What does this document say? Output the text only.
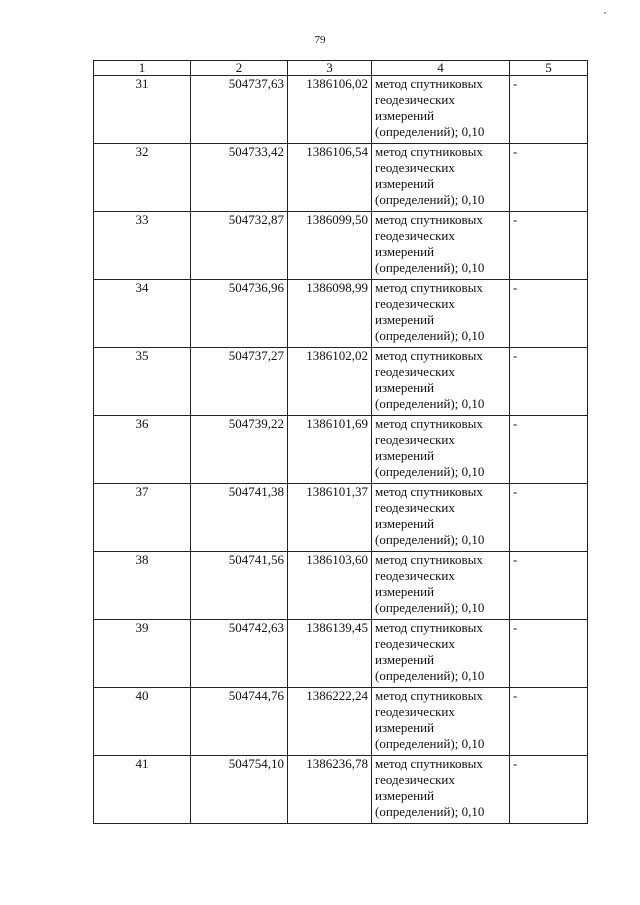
79
1	2	3	4	5
31	504737,63	1386106,02	метод спутниковых геодезических измерений (определений); 0,10	-
32	504733,42	1386106,54	метод спутниковых геодезических измерений (определений); 0,10	-
33	504732,87	1386099,50	метод спутниковых геодезических измерений (определений); 0,10	-
34	504736,96	1386098,99	метод спутниковых геодезических измерений (определений); 0,10	-
35	504737,27	1386102,02	метод спутниковых геодезических измерений (определений); 0,10	-
36	504739,22	1386101,69	метод спутниковых геодезических измерений (определений); 0,10	-
37	504741,38	1386101,37	метод спутниковых геодезических измерений (определений); 0,10	-
38	504741,56	1386103,60	метод спутниковых геодезических измерений (определений); 0,10	-
39	504742,63	1386139,45	метод спутниковых геодезических измерений (определений); 0,10	-
40	504744,76	1386222,24	метод спутниковых геодезических измерений (определений); 0,10	-
41	504754,10	1386236,78	метод спутниковых геодезических измерений (определений); 0,10	-
